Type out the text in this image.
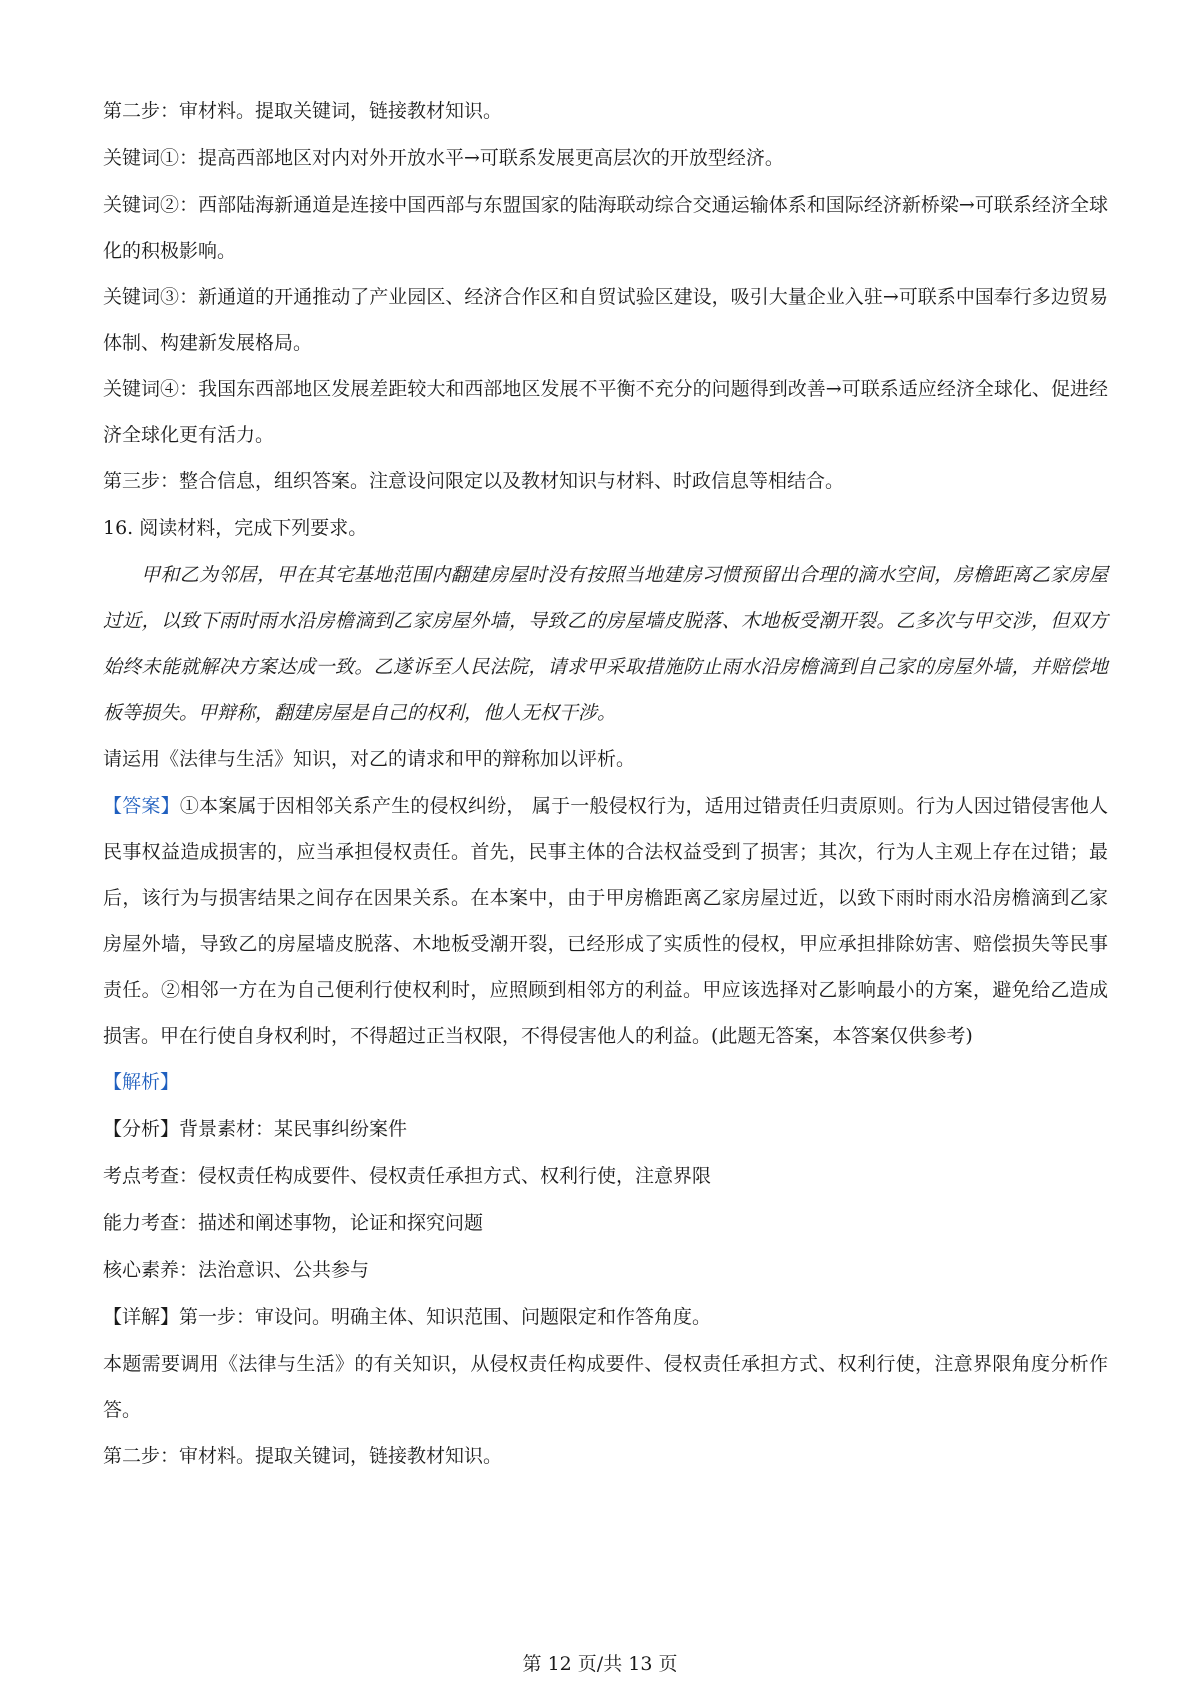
第二步：审材料。提取关键词，链接教材知识。

关键词①：提高西部地区对内对外开放水平→可联系发展更高层次的开放型经济。

关键词②：西部陆海新通道是连接中国西部与东盟国家的陆海联动综合交通运输体系和国际经济新桥梁→可联系经济全球化的积极影响。

关键词③：新通道的开通推动了产业园区、经济合作区和自贸试验区建设，吸引大量企业入驻→可联系中国奉行多边贸易体制、构建新发展格局。

关键词④：我国东西部地区发展差距较大和西部地区发展不平衡不充分的问题得到改善→可联系适应经济全球化、促进经济全球化更有活力。

第三步：整合信息，组织答案。注意设问限定以及教材知识与材料、时政信息等相结合。

16. 阅读材料，完成下列要求。

甲和乙为邻居，甲在其宅基地范围内翻建房屋时没有按照当地建房习惯预留出合理的滴水空间，房檐距离乙家房屋过近，以致下雨时雨水沿房檐滴到乙家房屋外墙，导致乙的房屋墙皮脱落、木地板受潮开裂。乙多次与甲交涉，但双方始终未能就解决方案达成一致。乙遂诉至人民法院，请求甲采取措施防止雨水沿房檐滴到自己家的房屋外墙，并赔偿地板等损失。甲辩称，翻建房屋是自己的权利，他人无权干涉。

请运用《法律与生活》知识，对乙的请求和甲的辩称加以评析。

【答案】①本案属于因相邻关系产生的侵权纠纷， 属于一般侵权行为，适用过错责任归责原则。行为人因过错侵害他人民事权益造成损害的，应当承担侵权责任。首先，民事主体的合法权益受到了损害；其次，行为人主观上存在过错；最后，该行为与损害结果之间存在因果关系。在本案中，由于甲房檐距离乙家房屋过近，以致下雨时雨水沿房檐滴到乙家房屋外墙，导致乙的房屋墙皮脱落、木地板受潮开裂，已经形成了实质性的侵权，甲应承担排除妨害、赔偿损失等民事责任。②相邻一方在为自己便利行使权利时，应照顾到相邻方的利益。甲应该选择对乙影响最小的方案，避免给乙造成损害。甲在行使自身权利时，不得超过正当权限，不得侵害他人的利益。(此题无答案，本答案仅供参考)

【解析】

【分析】背景素材：某民事纠纷案件

考点考查：侵权责任构成要件、侵权责任承担方式、权利行使，注意界限

能力考查：描述和阐述事物，论证和探究问题

核心素养：法治意识、公共参与

【详解】第一步：审设问。明确主体、知识范围、问题限定和作答角度。

本题需要调用《法律与生活》的有关知识，从侵权责任构成要件、侵权责任承担方式、权利行使，注意界限角度分析作答。

第二步：审材料。提取关键词，链接教材知识。

第 12 页/共 13 页
